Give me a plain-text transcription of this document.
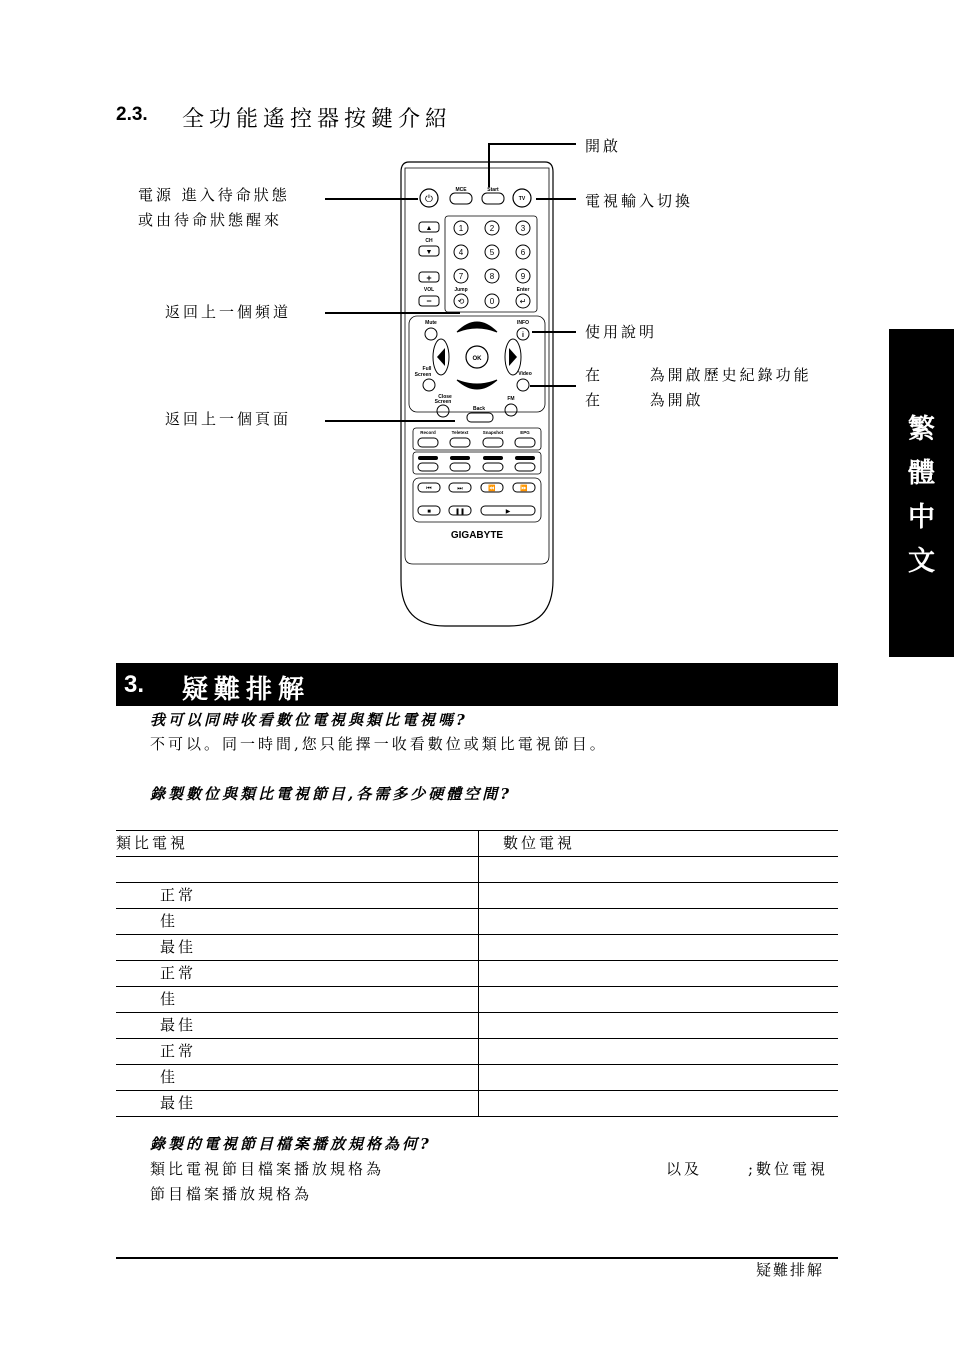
2.3. 全功能遙控器按鍵介紹
繁
體
中
文
開啟
電源 進入待命狀態
或由待命狀態醒來
電視輸入切換
返回上一個頻道
使用說明
在      為開啟歷史紀錄功能
在      為開啟
返回上一個頁面
⏻
MCE	Start
TV
▲
CH
▼
+
VOL
−
1	2	3
4	5	6
7	8	9
⟲	0	↵
Jump	Enter
Mute	INFO
i
OK
Full
Screen	Video
Close
Screen
Back
FM
Record	Teletext	Snapshot	EPG
⏮	⏭	⏪	⏩
■	❚❚	▶
GIGABYTE
3. 疑難排解
我可以同時收看數位電視與類比電視嗎?
不可以。同一時間,您只能擇一收看數位或類比電視節目。
錄製數位與類比電視節目,各需多少硬體空間?
類比電視	數位電視
正常
佳
最佳
正常
佳
最佳
正常
佳
最佳
錄製的電視節目檔案播放規格為何?
類比電視節目檔案播放規格為	以及	;數位電視
節目檔案播放規格為
疑難排解
